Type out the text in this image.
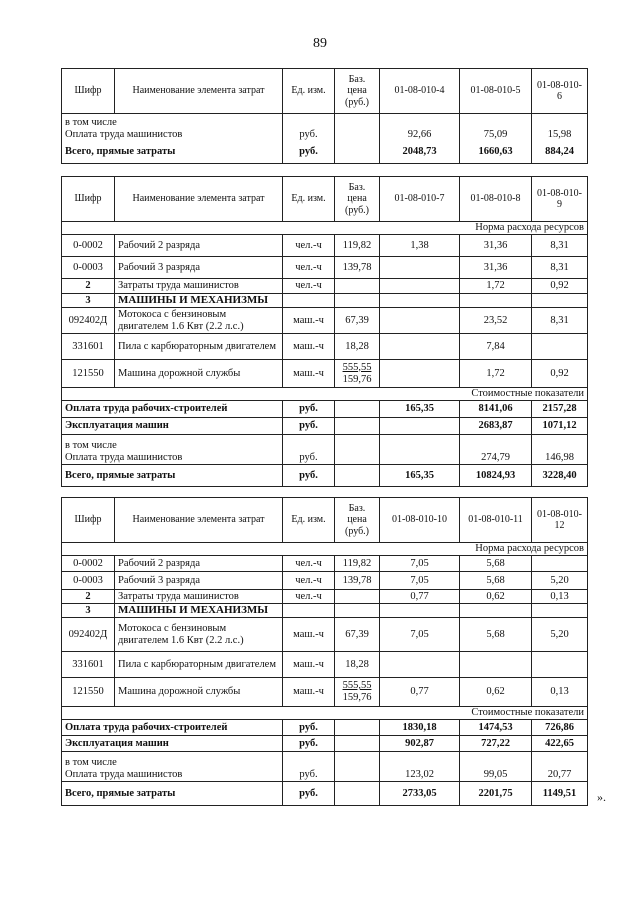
89
Шифр	Наименование элемента затрат	Ед. изм.	Баз. цена (руб.)	01-08-010-4	01-08-010-5	01-08-010-6

в том числе
Оплата труда машинистов		руб.		92,66	75,09	15,98
Всего, прямые затраты		руб.		2048,73	1660,63	884,24
Шифр	Наименование элемента затрат	Ед. изм.	Баз. цена (руб.)	01-08-010-7	01-08-010-8	01-08-010-9
Норма расхода ресурсов						
0-0002	Рабочий 2 разряда	чел.-ч	119,82	1,38	31,36	8,31
0-0003	Рабочий 3 разряда	чел.-ч	139,78		31,36	8,31
2	Затраты труда машинистов	чел.-ч			1,72	0,92
3	МАШИНЫ И МЕХАНИЗМЫ					
092402Д	Мотокоса с бензиновым двигателем 1.6 Квт (2.2 л.с.)	маш.-ч	67,39		23,52	8,31
331601	Пила с карбюраторным двигателем	маш.-ч	18,28		7,84	
121550	Машина дорожной службы	маш.-ч	555,55
159,76		1,72	0,92
Стоимостные показатели						
Оплата труда рабочих-строителей		руб.		165,35	8141,06	2157,28
Эксплуатация машин		руб.			2683,87	1071,12

в том числе
Оплата труда машинистов		руб.			274,79	146,98
Всего, прямые затраты		руб.		165,35	10824,93	3228,40
Шифр	Наименование элемента затрат	Ед. изм.	Баз. цена (руб.)	01-08-010-10	01-08-010-11	01-08-010-12
Норма расхода ресурсов						
0-0002	Рабочий 2 разряда	чел.-ч	119,82	7,05	5,68	
0-0003	Рабочий 3 разряда	чел.-ч	139,78	7,05	5,68	5,20
2	Затраты труда машинистов	чел.-ч		0,77	0,62	0,13
3	МАШИНЫ И МЕХАНИЗМЫ					
092402Д	Мотокоса с бензиновым двигателем 1.6 Квт (2.2 л.с.)	маш.-ч	67,39	7,05	5,68	5,20
331601	Пила с карбюраторным двигателем	маш.-ч	18,28			
121550	Машина дорожной службы	маш.-ч	555,55
159,76	0,77	0,62	0,13
Стоимостные показатели						
Оплата труда рабочих-строителей		руб.		1830,18	1474,53	726,86
Эксплуатация машин		руб.		902,87	727,22	422,65

в том числе
Оплата труда машинистов		руб.		123,02	99,05	20,77
Всего, прямые затраты		руб.		2733,05	2201,75	1149,51 ».
